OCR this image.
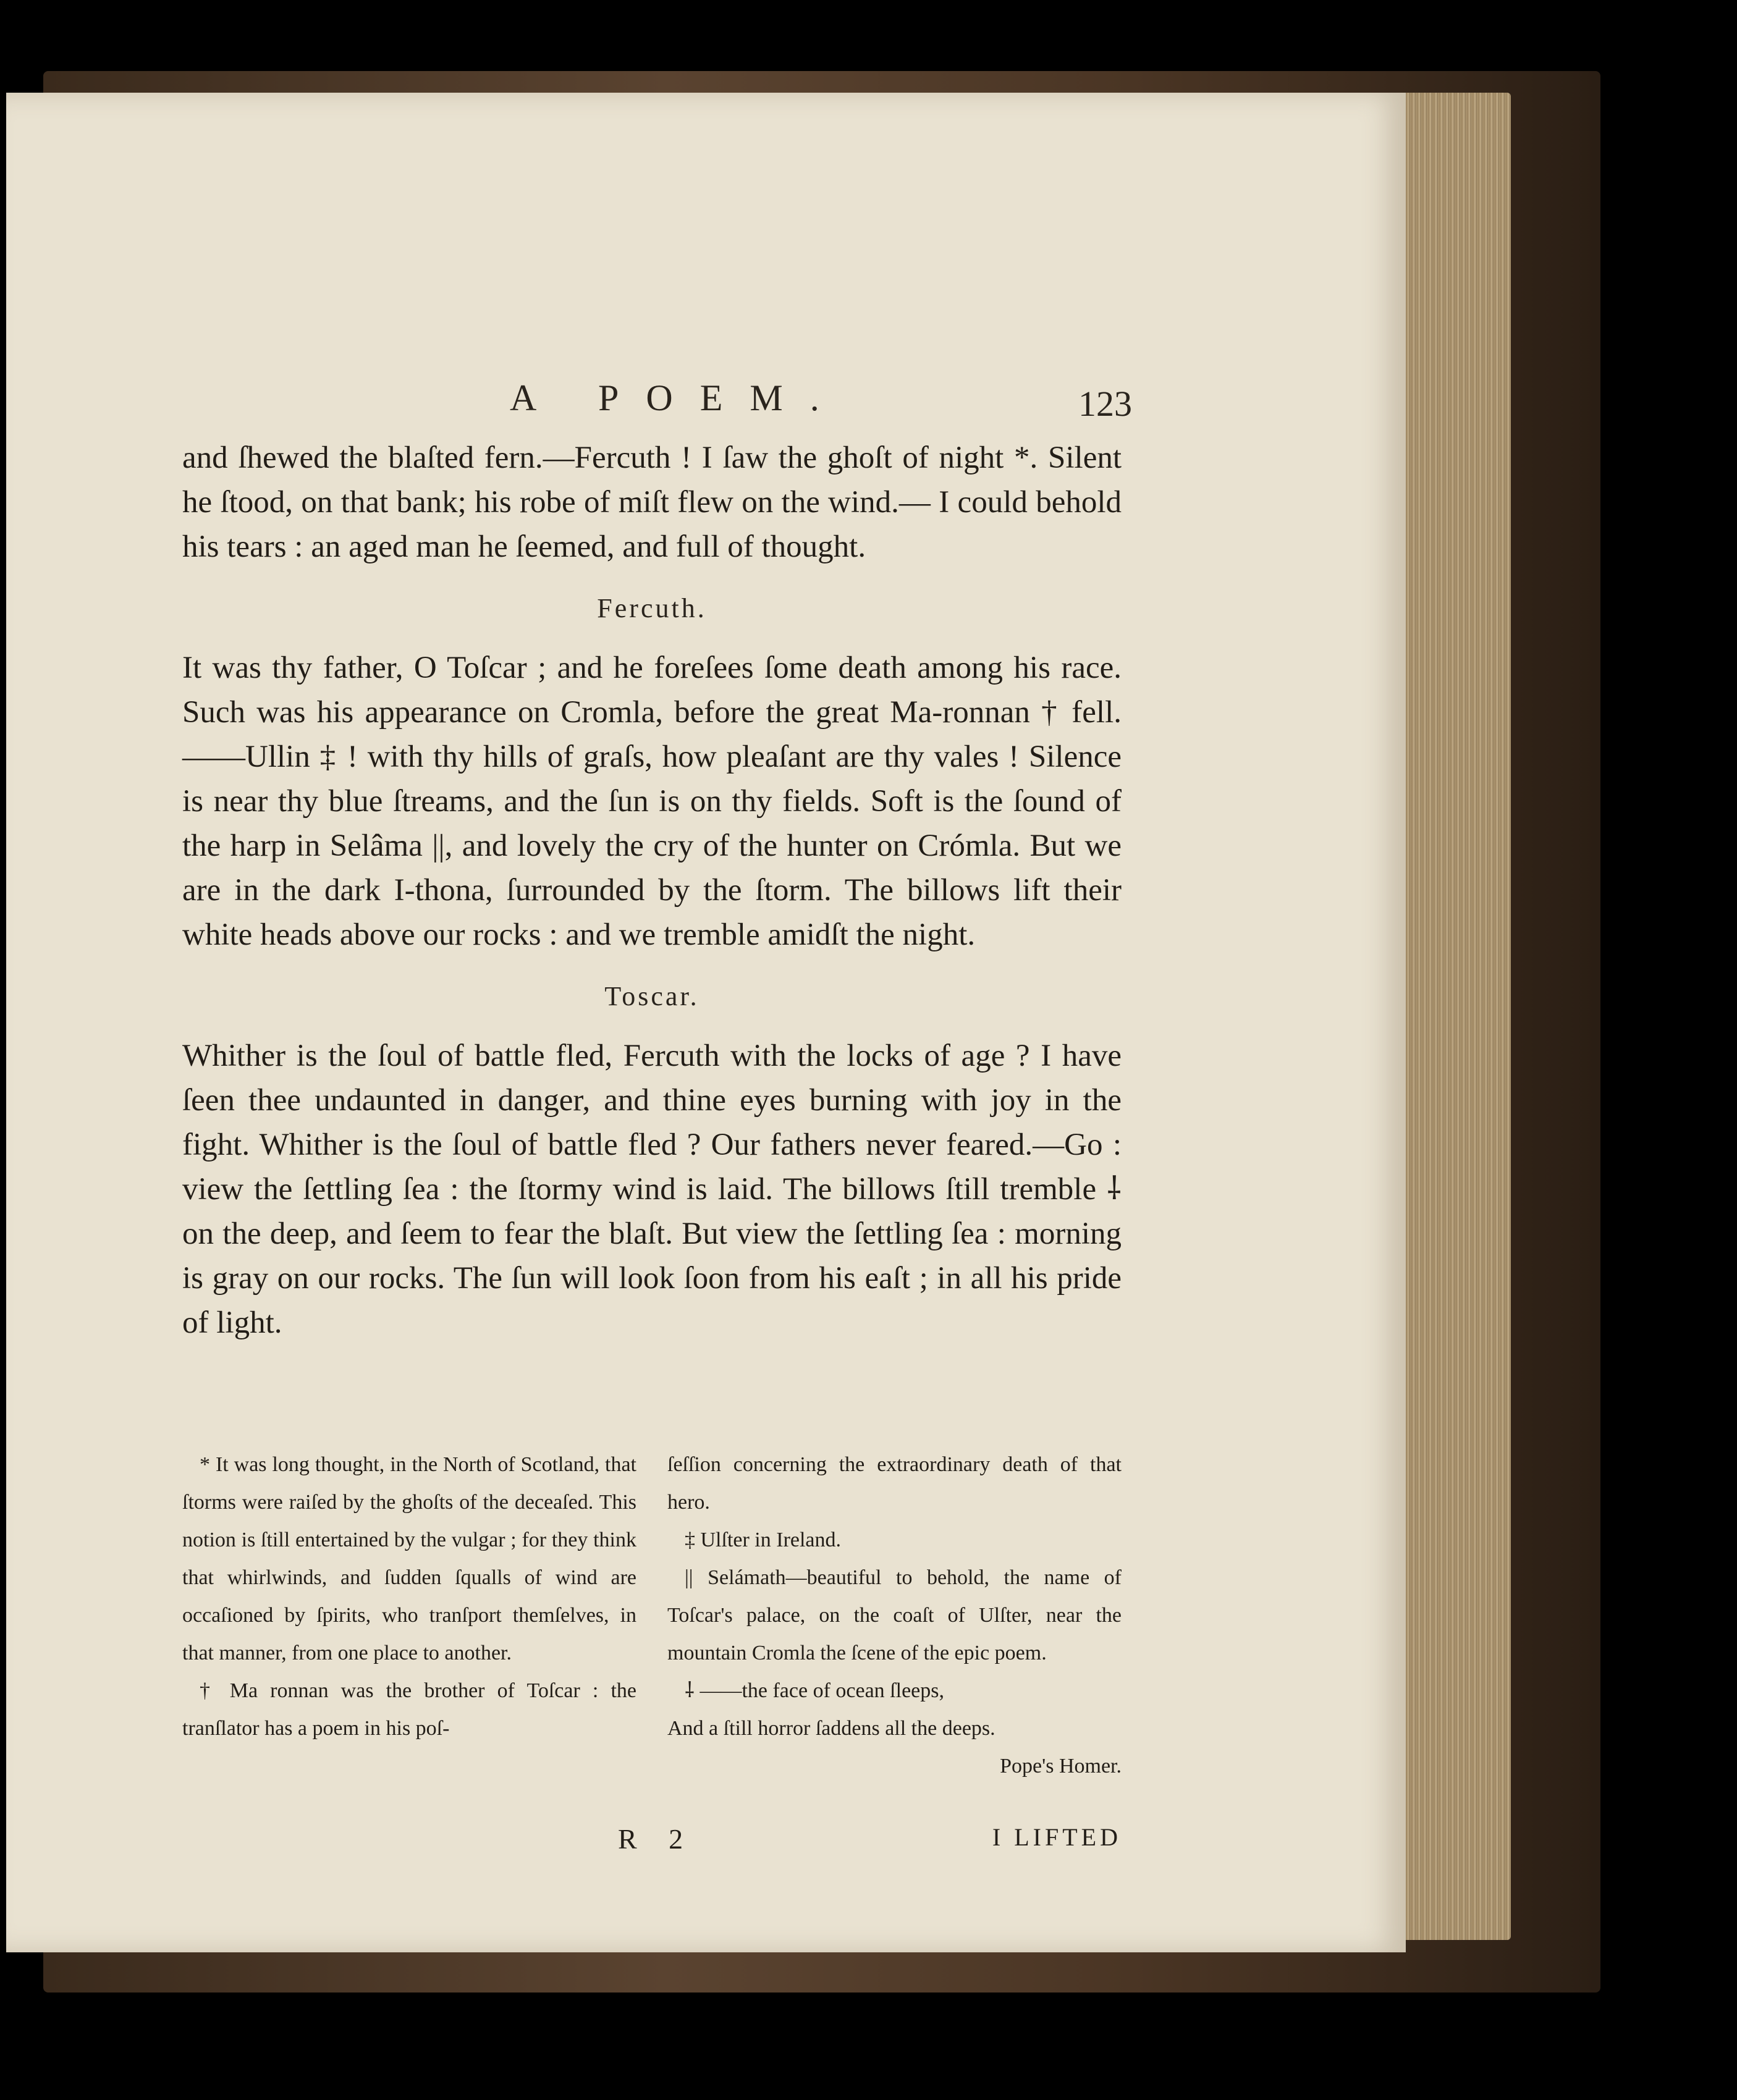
A POEM.	123

and ſhewed the blaſted fern.—Fercuth ! I ſaw the ghoſt of night *. Silent he ſtood, on that bank; his robe of miſt flew on the wind.— I could behold his tears : an aged man he ſeemed, and full of thought.

Fercuth.

It was thy father, O Toſcar ; and he foreſees ſome death among his race. Such was his appearance on Cromla, before the great Ma-ronnan † fell.——Ullin ‡ ! with thy hills of graſs, how pleaſant are thy vales ! Silence is near thy blue ſtreams, and the ſun is on thy fields. Soft is the ſound of the harp in Selâma ||, and lovely the cry of the hunter on Crómla. But we are in the dark I-thona, ſurrounded by the ſtorm. The billows lift their white heads above our rocks : and we tremble amidſt the night.

Toscar.

Whither is the ſoul of battle fled, Fercuth with the locks of age ? I have ſeen thee undaunted in danger, and thine eyes burning with joy in the fight. Whither is the ſoul of battle fled ? Our fathers never feared.—Go : view the ſettling ſea : the ſtormy wind is laid. The billows ſtill tremble ⸸ on the deep, and ſeem to fear the blaſt. But view the ſettling ſea : morning is gray on our rocks. The ſun will look ſoon from his eaſt ; in all his pride of light.

* It was long thought, in the North of Scotland, that ſtorms were raiſed by the ghoſts of the deceaſed. This notion is ſtill entertained by the vulgar ; for they think that whirlwinds, and ſudden ſqualls of wind are occaſioned by ſpirits, who tranſport themſelves, in that manner, from one place to another.

† Ma ronnan was the brother of Toſcar : the tranſlator has a poem in his poſ-

ſeſſion concerning the extraordinary death of that hero.

‡ Ulſter in Ireland.

|| Selámath—beautiful to behold, the name of Toſcar's palace, on the coaſt of Ulſter, near the mountain Cromla the ſcene of the epic poem.

⸸ ——the face of ocean ſleeps,

And a ſtill horror ſaddens all the deeps.

Pope's Homer.

R 2	I LIFTED
